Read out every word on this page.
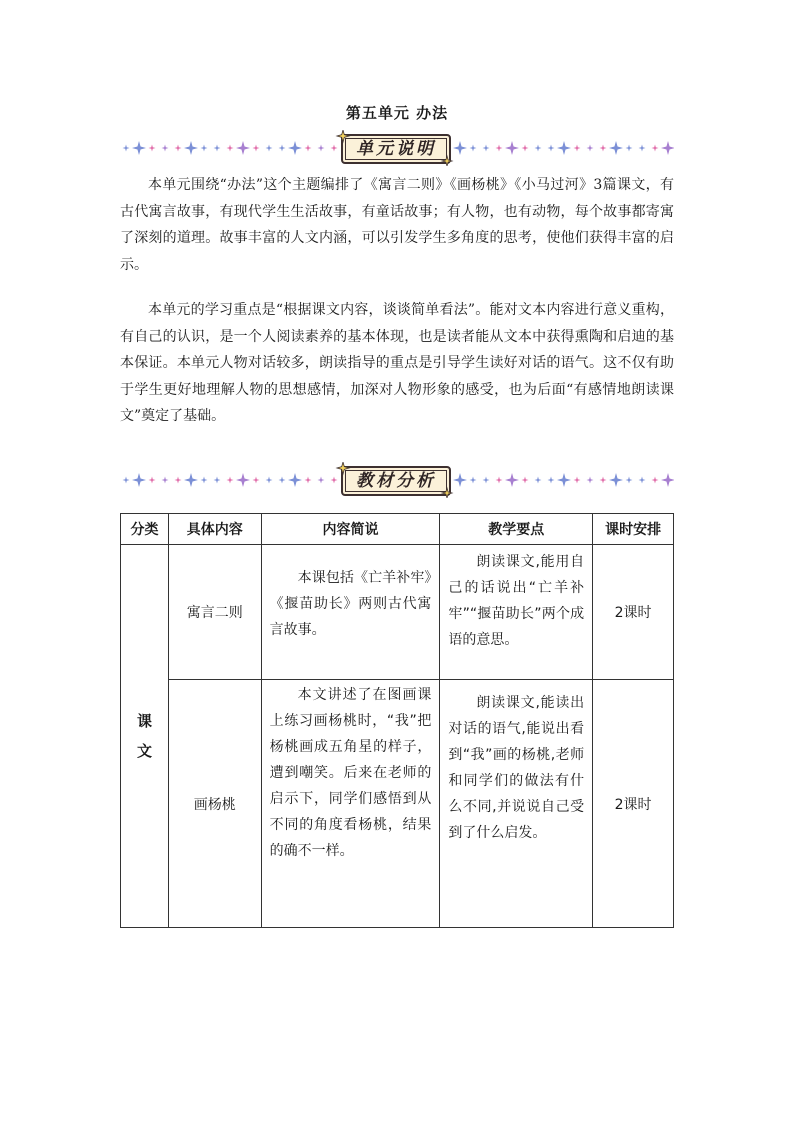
第五单元 办法
单元说明

本单元围绕“办法”这个主题编排了《寓言二则》《画杨桃》《小马过河》3篇课文，有古代寓言故事，有现代学生生活故事，有童话故事；有人物，也有动物，每个故事都寄寓了深刻的道理。故事丰富的人文内涵，可以引发学生多角度的思考，使他们获得丰富的启示。

本单元的学习重点是“根据课文内容，谈谈简单看法”。能对文本内容进行意义重构，有自己的认识，是一个人阅读素养的基本体现，也是读者能从文本中获得熏陶和启迪的基本保证。本单元人物对话较多，朗读指导的重点是引导学生读好对话的语气。这不仅有助于学生更好地理解人物的思想感情，加深对人物形象的感受，也为后面“有感情地朗读课文”奠定了基础。

教材分析
分类	具体内容	内容简说	教学要点	课时安排

课文	寓言二则	本课包括《亡羊补牢》《揠苗助长》两则古代寓言故事。	朗读课文,能用自己的话说出“亡羊补牢”“揠苗助长”两个成语的意思。	2课时
	画杨桃	本文讲述了在图画课上练习画杨桃时，“我”把杨桃画成五角星的样子，遭到嘲笑。后来在老师的启示下，同学们感悟到从不同的角度看杨桃，结果的确不一样。	朗读课文,能读出对话的语气,能说出看到“我”画的杨桃,老师和同学们的做法有什么不同,并说说自己受到了什么启发。	2课时
